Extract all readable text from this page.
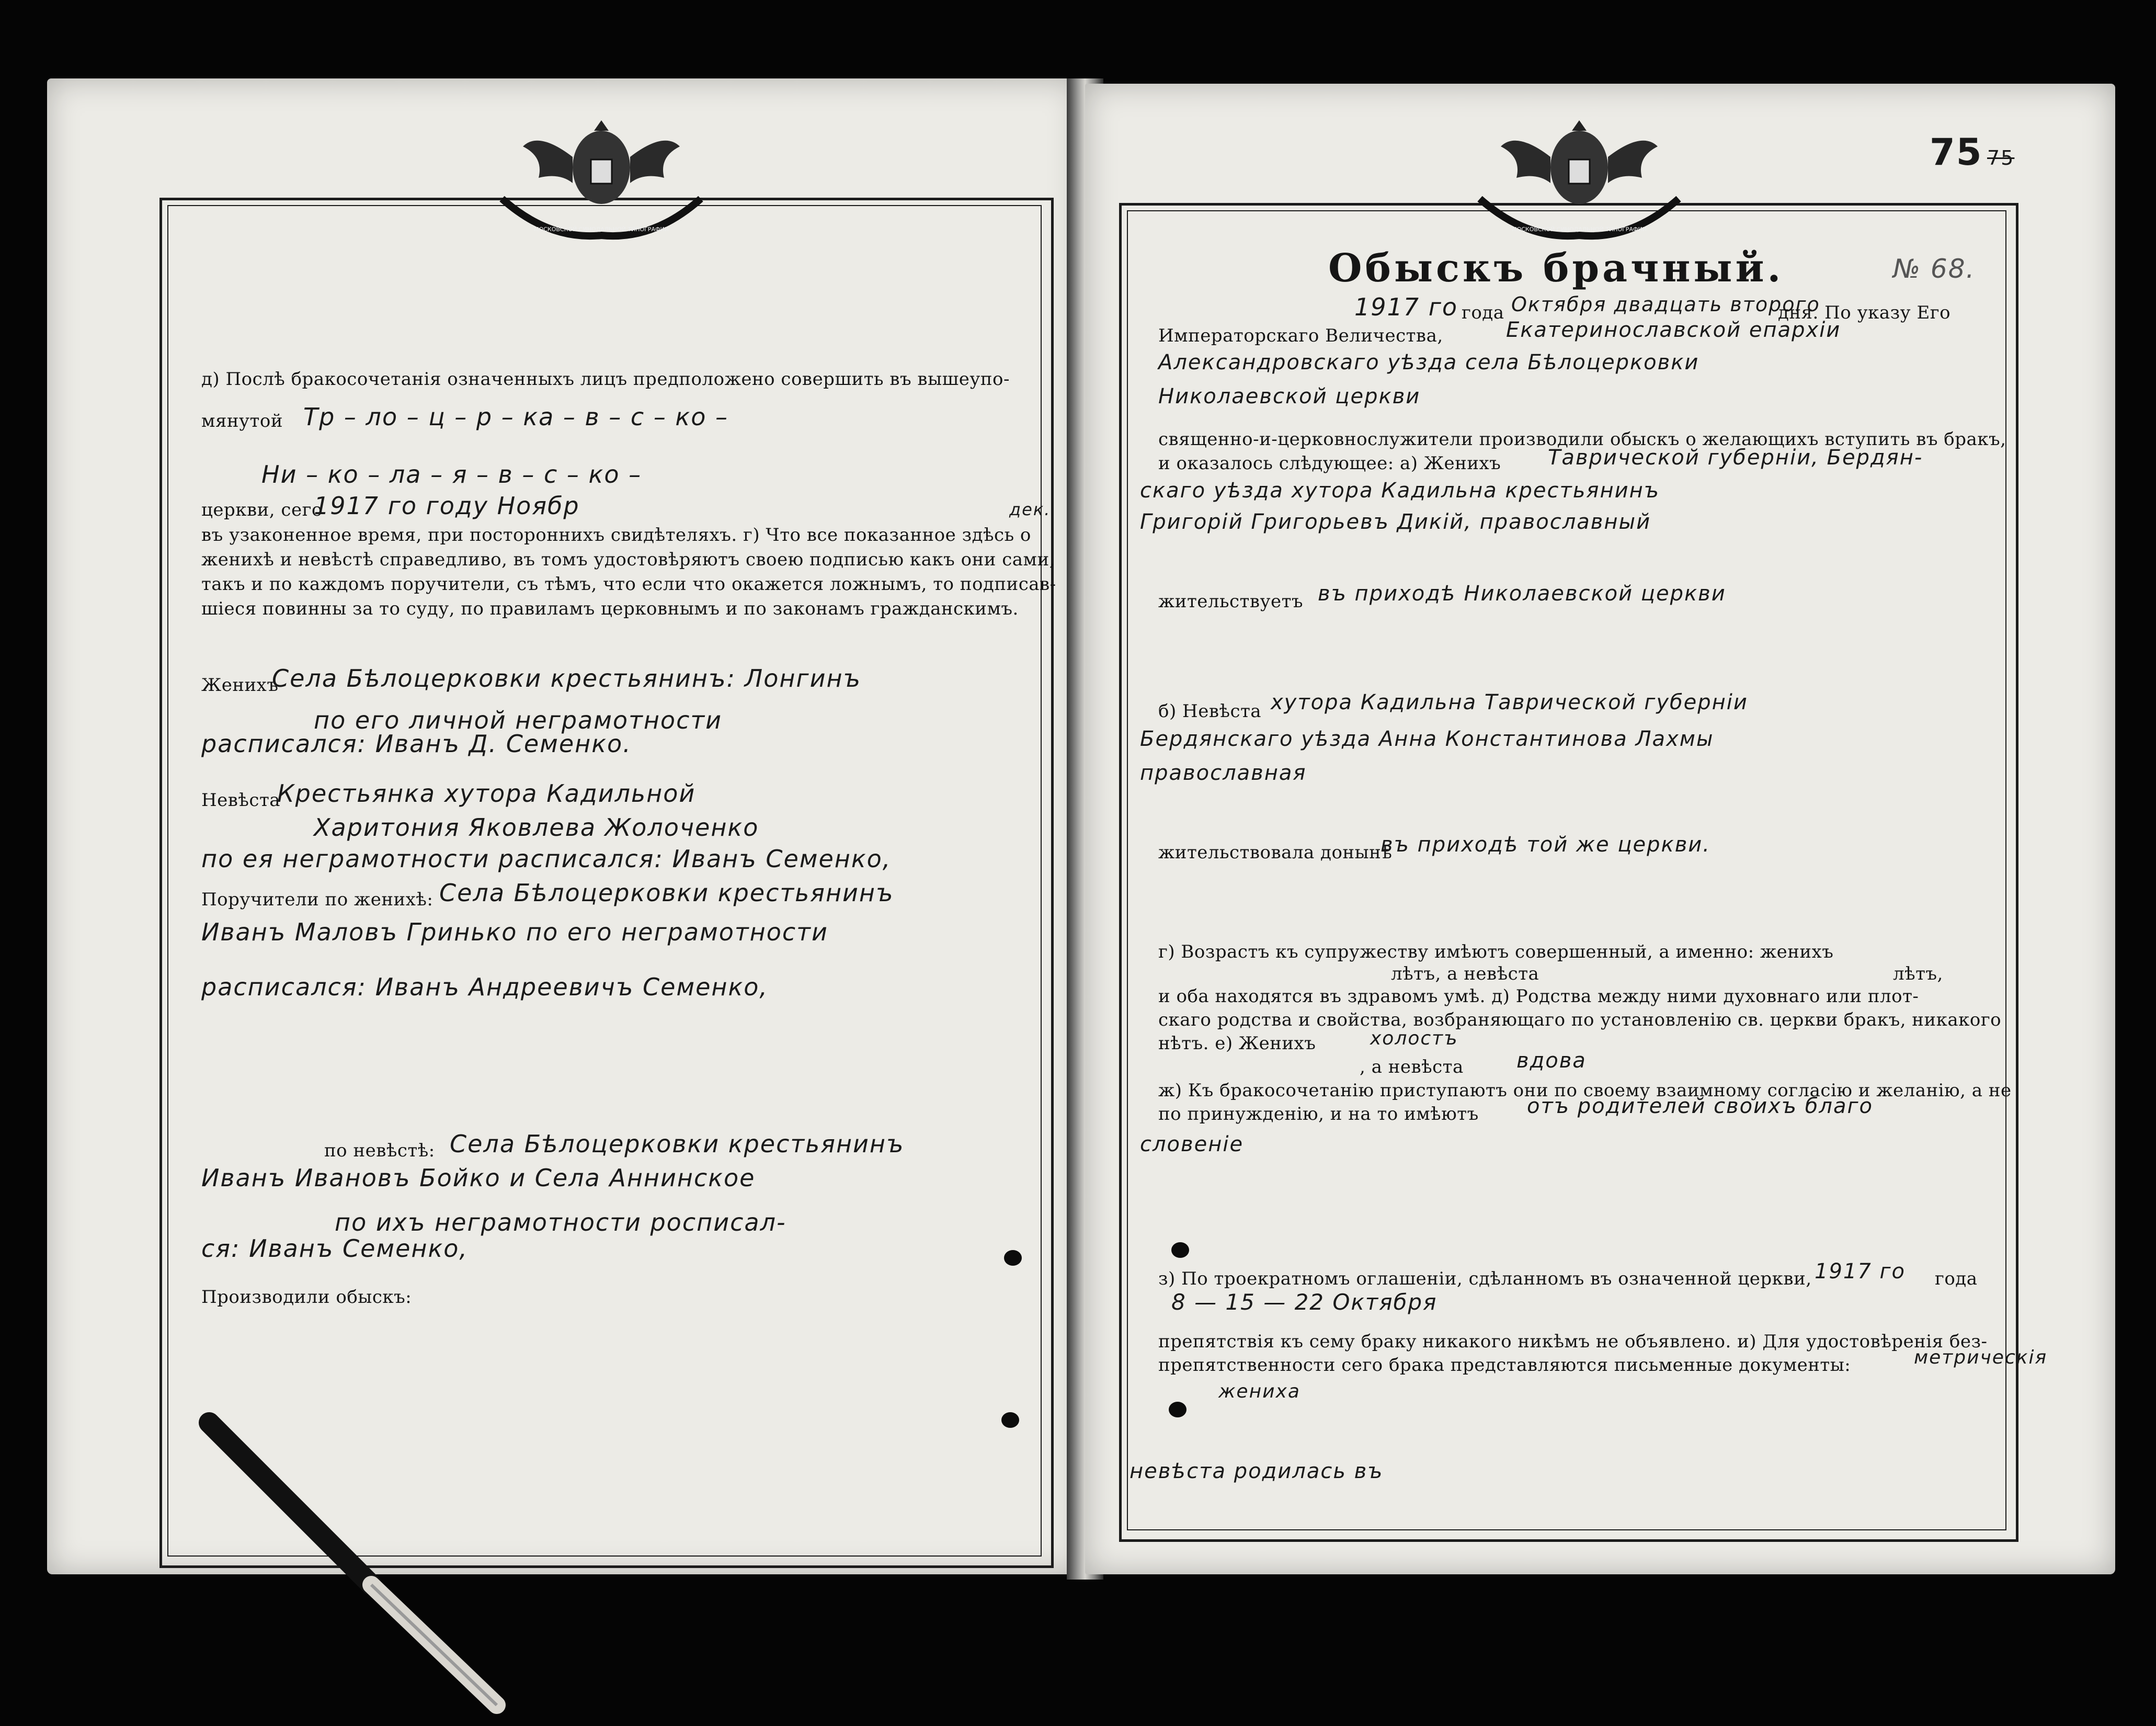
МОСКОВСКОЙ СИНОДАЛЬНОЙ ТИПОГРАФИИ	МОСКОВСКОЙ СИНОДАЛЬНОЙ ТИПОГРАФИИ
д) Послѣ бракосочетанія означенныхъ лицъ предположено совершить въ вышеупо-
мянутой Тр – ло – ц – р – ка – в – с – ко –
Ни – ко – ла – я – в – с – ко –
церкви, сего
1917 го году Ноябр	дек.
въ узаконенное время, при постороннихъ свидѣтеляхъ. г) Что все показанное здѣсь о
женихѣ и невѣстѣ справедливо, въ томъ удостовѣряютъ своею подписью какъ они сами,
такъ и по каждомъ поручители, съ тѣмъ, что если что окажется ложнымъ, то подписав-
шіеся повинны за то суду, по правиламъ церковнымъ и по законамъ гражданскимъ.
Женихъ
Села Бѣлоцерковки крестьянинъ: Лонгинъ
по его личной неграмотности
расписался: Иванъ Д. Семенко.
Невѣста
Крестьянка хутора Кадильной
Харитония Яковлева Жолоченко
по ея неграмотности расписался: Иванъ Семенко,
Поручители по женихѣ: Села Бѣлоцерковки крестьянинъ
Иванъ Маловъ Гринько по его неграмотности
расписался: Иванъ Андреевичъ Семенко,
по невѣстѣ: Села Бѣлоцерковки крестьянинъ
Иванъ Ивановъ Бойко и Села Аннинское
по ихъ неграмотности росписал-
ся: Иванъ Семенко,
Производили обыскъ:
75 75
Обыскъ брачный.	№ 68.
1917 го года Октября двадцать второго
дня. По указу Его
Императорскаго Величества,	Екатеринославской епархіи
Александровскаго уѣзда села Бѣлоцерковки
Николаевской церкви
священно-и-церковнослужители производили обыскъ о желающихъ вступить въ бракъ,
и оказалось слѣдующее: а) Женихъ Таврической губерніи, Бердян-
скаго уѣзда хутора Кадильна крестьянинъ
Григорій Григорьевъ Дикій, православный
жительствуетъ въ приходѣ Николаевской церкви
б) Невѣста хутора Кадильна Таврической губерніи
Бердянскаго уѣзда Анна Константинова Лахмы
православная
жительствовала донынѣ
въ приходѣ той же церкви.
г) Возрастъ къ супружеству имѣютъ совершенный, а именно: женихъ
лѣтъ, а невѣста	лѣтъ,
и оба находятся въ здравомъ умѣ. д) Родства между ними духовнаго или плот-
скаго родства и свойства, возбраняющаго по установленію св. церкви бракъ, никакого
нѣтъ. е) Женихъ	холостъ
, а невѣста	вдова
ж) Къ бракосочетанію приступаютъ они по своему взаимному согласію и желанію, а не
по принужденію, и на то имѣютъ отъ родителей своихъ благо
словеніе
з) По троекратномъ оглашеніи, сдѣланномъ въ означенной церкви, 1917 го года
8 — 15 — 22 Октября
препятствія къ сему браку никакого никѣмъ не объявлено. и) Для удостовѣренія без-
препятственности сего брака представляются письменные документы:	метрическія
жениха
невѣста родилась въ
